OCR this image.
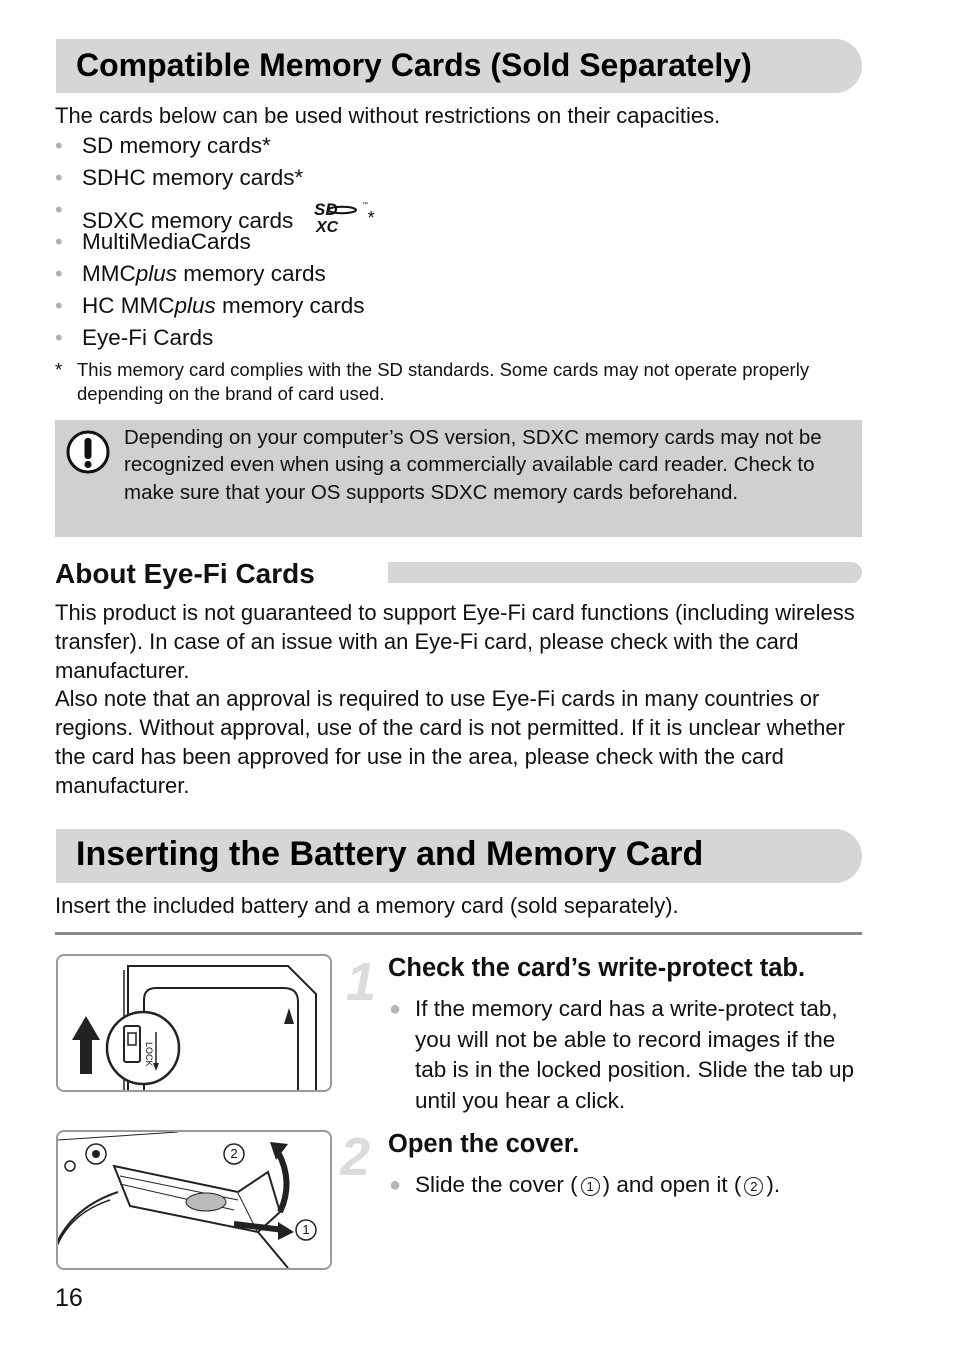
Compatible Memory Cards (Sold Separately)
The cards below can be used without restrictions on their capacities.
• SD memory cards*
• SDHC memory cards*
• SDXC memory cards SD
XC
™
*
• MultiMediaCards
• MMCplus memory cards
• HC MMCplus memory cards
• Eye-Fi Cards
* This memory card complies with the SD standards. Some cards may not operate properly depending on the brand of card used.
Depending on your computer’s OS version, SDXC memory cards may not be recognized even when using a commercially available card reader. Check to make sure that your OS supports SDXC memory cards beforehand.
About Eye-Fi Cards
This product is not guaranteed to support Eye-Fi card functions (including wireless transfer). In case of an issue with an Eye-Fi card, please check with the card manufacturer.
Also note that an approval is required to use Eye-Fi cards in many countries or regions. Without approval, use of the card is not permitted. If it is unclear whether the card has been approved for use in the area, please check with the card manufacturer.
Inserting the Battery and Memory Card
Insert the included battery and a memory card (sold separately).
LOCK
1 Check the card’s write-protect tab.
● If the memory card has a write-protect tab, you will not be able to record images if the tab is in the locked position. Slide the tab up until you hear a click.
2
1
2 Open the cover.
● Slide the cover ( 1 ) and open it ( 2 ).
16
